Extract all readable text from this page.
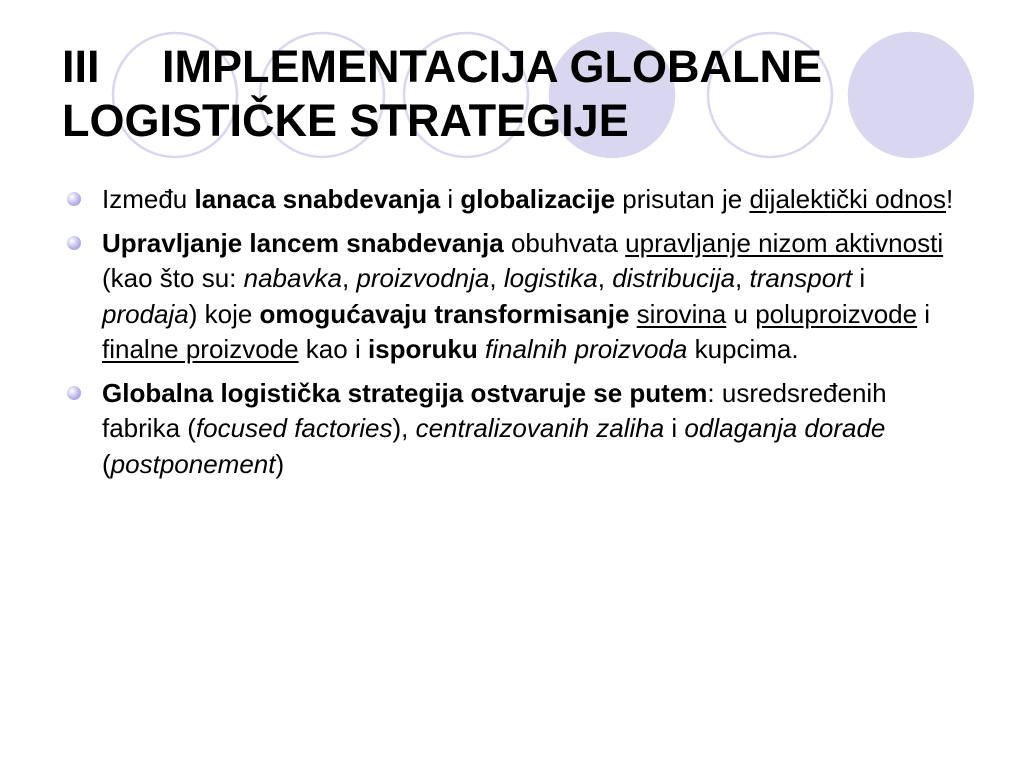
III IMPLEMENTACIJA GLOBALNE
LOGISTIČKE STRATEGIJE
Između lanaca snabdevanja i globalizacije prisutan je dijalektički odnos!
Upravljanje lancem snabdevanja obuhvata upravljanje nizom aktivnosti (kao što su: nabavka, proizvodnja, logistika, distribucija, transport i prodaja) koje omogućavaju transformisanje sirovina u poluproizvode i finalne proizvode kao i isporuku finalnih proizvoda kupcima.
Globalna logistička strategija ostvaruje se putem: usredsređenih fabrika (focused factories), centralizovanih zaliha i odlaganja dorade (postponement)
